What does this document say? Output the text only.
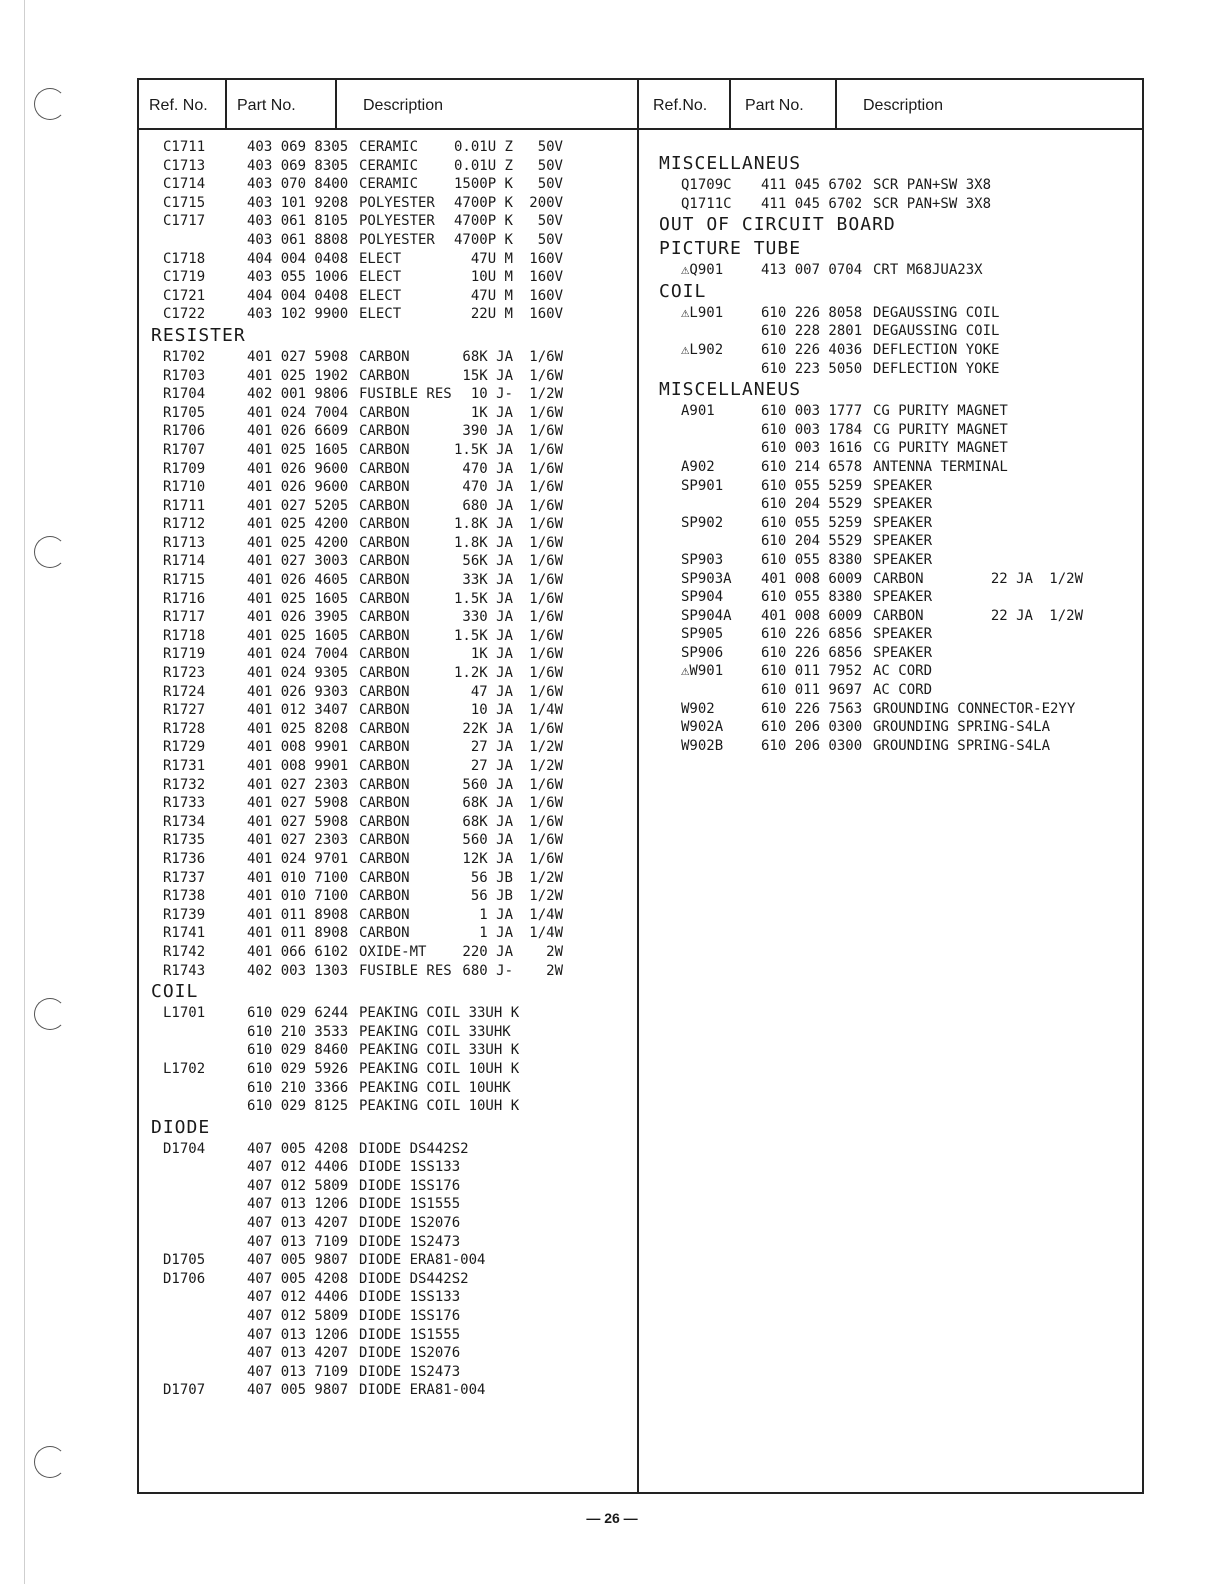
Ref. No. Part No.	Description	Ref.No. Part No.	Description
C1711	403 069 8305 CERAMIC	0.01U Z	50V
C1713	403 069 8305 CERAMIC	0.01U Z	50V
C1714	403 070 8400 CERAMIC	1500P K	50V
C1715	403 101 9208 POLYESTER	4700P K	200V
C1717	403 061 8105 POLYESTER	4700P K	50V
403 061 8808 POLYESTER	4700P K	50V
C1718	404 004 0408 ELECT	47U M	160V
C1719	403 055 1006 ELECT	10U M	160V
C1721	404 004 0408 ELECT	47U M	160V
C1722	403 102 9900 ELECT	22U M	160V
RESISTER
R1702	401 027 5908 CARBON	68K JA	1/6W
R1703	401 025 1902 CARBON	15K JA	1/6W
R1704	402 001 9806 FUSIBLE RES	10 J-	1/2W
R1705	401 024 7004 CARBON	1K JA	1/6W
R1706	401 026 6609 CARBON	390 JA	1/6W
R1707	401 025 1605 CARBON	1.5K JA	1/6W
R1709	401 026 9600 CARBON	470 JA	1/6W
R1710	401 026 9600 CARBON	470 JA	1/6W
R1711	401 027 5205 CARBON	680 JA	1/6W
R1712	401 025 4200 CARBON	1.8K JA	1/6W
R1713	401 025 4200 CARBON	1.8K JA	1/6W
R1714	401 027 3003 CARBON	56K JA	1/6W
R1715	401 026 4605 CARBON	33K JA	1/6W
R1716	401 025 1605 CARBON	1.5K JA	1/6W
R1717	401 026 3905 CARBON	330 JA	1/6W
R1718	401 025 1605 CARBON	1.5K JA	1/6W
R1719	401 024 7004 CARBON	1K JA	1/6W
R1723	401 024 9305 CARBON	1.2K JA	1/6W
R1724	401 026 9303 CARBON	47 JA	1/6W
R1727	401 012 3407 CARBON	10 JA	1/4W
R1728	401 025 8208 CARBON	22K JA	1/6W
R1729	401 008 9901 CARBON	27 JA	1/2W
R1731	401 008 9901 CARBON	27 JA	1/2W
R1732	401 027 2303 CARBON	560 JA	1/6W
R1733	401 027 5908 CARBON	68K JA	1/6W
R1734	401 027 5908 CARBON	68K JA	1/6W
R1735	401 027 2303 CARBON	560 JA	1/6W
R1736	401 024 9701 CARBON	12K JA	1/6W
R1737	401 010 7100 CARBON	56 JB	1/2W
R1738	401 010 7100 CARBON	56 JB	1/2W
R1739	401 011 8908 CARBON	1 JA	1/4W
R1741	401 011 8908 CARBON	1 JA	1/4W
R1742	401 066 6102 OXIDE-MT	220 JA	2W
R1743	402 003 1303 FUSIBLE RES 680 J-	2W
COIL
L1701	610 029 6244 PEAKING COIL 33UH K
610 210 3533 PEAKING COIL 33UHK
610 029 8460 PEAKING COIL 33UH K
L1702	610 029 5926 PEAKING COIL 10UH K
610 210 3366 PEAKING COIL 10UHK
610 029 8125 PEAKING COIL 10UH K
DIODE
D1704	407 005 4208 DIODE DS442S2
407 012 4406 DIODE 1SS133
407 012 5809 DIODE 1SS176
407 013 1206 DIODE 1S1555
407 013 4207 DIODE 1S2076
407 013 7109 DIODE 1S2473
D1705	407 005 9807 DIODE ERA81-004
D1706	407 005 4208 DIODE DS442S2
407 012 4406 DIODE 1SS133
407 012 5809 DIODE 1SS176
407 013 1206 DIODE 1S1555
407 013 4207 DIODE 1S2076
407 013 7109 DIODE 1S2473
D1707	407 005 9807 DIODE ERA81-004
MISCELLANEUS
Q1709C 411 045 6702 SCR PAN+SW 3X8
Q1711C 411 045 6702 SCR PAN+SW 3X8
OUT OF CIRCUIT BOARD
PICTURE TUBE
⚠Q901	413 007 0704 CRT M68JUA23X
COIL
⚠L901	610 226 8058 DEGAUSSING COIL
610 228 2801 DEGAUSSING COIL
⚠L902	610 226 4036 DEFLECTION YOKE
610 223 5050 DEFLECTION YOKE
MISCELLANEUS
A901	610 003 1777 CG PURITY MAGNET
610 003 1784 CG PURITY MAGNET
610 003 1616 CG PURITY MAGNET
A902	610 214 6578 ANTENNA TERMINAL
SP901	610 055 5259 SPEAKER
610 204 5529 SPEAKER
SP902	610 055 5259 SPEAKER
610 204 5529 SPEAKER
SP903	610 055 8380 SPEAKER
SP903A 401 008 6009 CARBON	22 JA	1/2W
SP904	610 055 8380 SPEAKER
SP904A 401 008 6009 CARBON	22 JA	1/2W
SP905	610 226 6856 SPEAKER
SP906	610 226 6856 SPEAKER
⚠W901	610 011 7952 AC CORD
610 011 9697 AC CORD
W902	610 226 7563 GROUNDING CONNECTOR-E2YY
W902A	610 206 0300 GROUNDING SPRING-S4LA
W902B	610 206 0300 GROUNDING SPRING-S4LA
— 26 —
